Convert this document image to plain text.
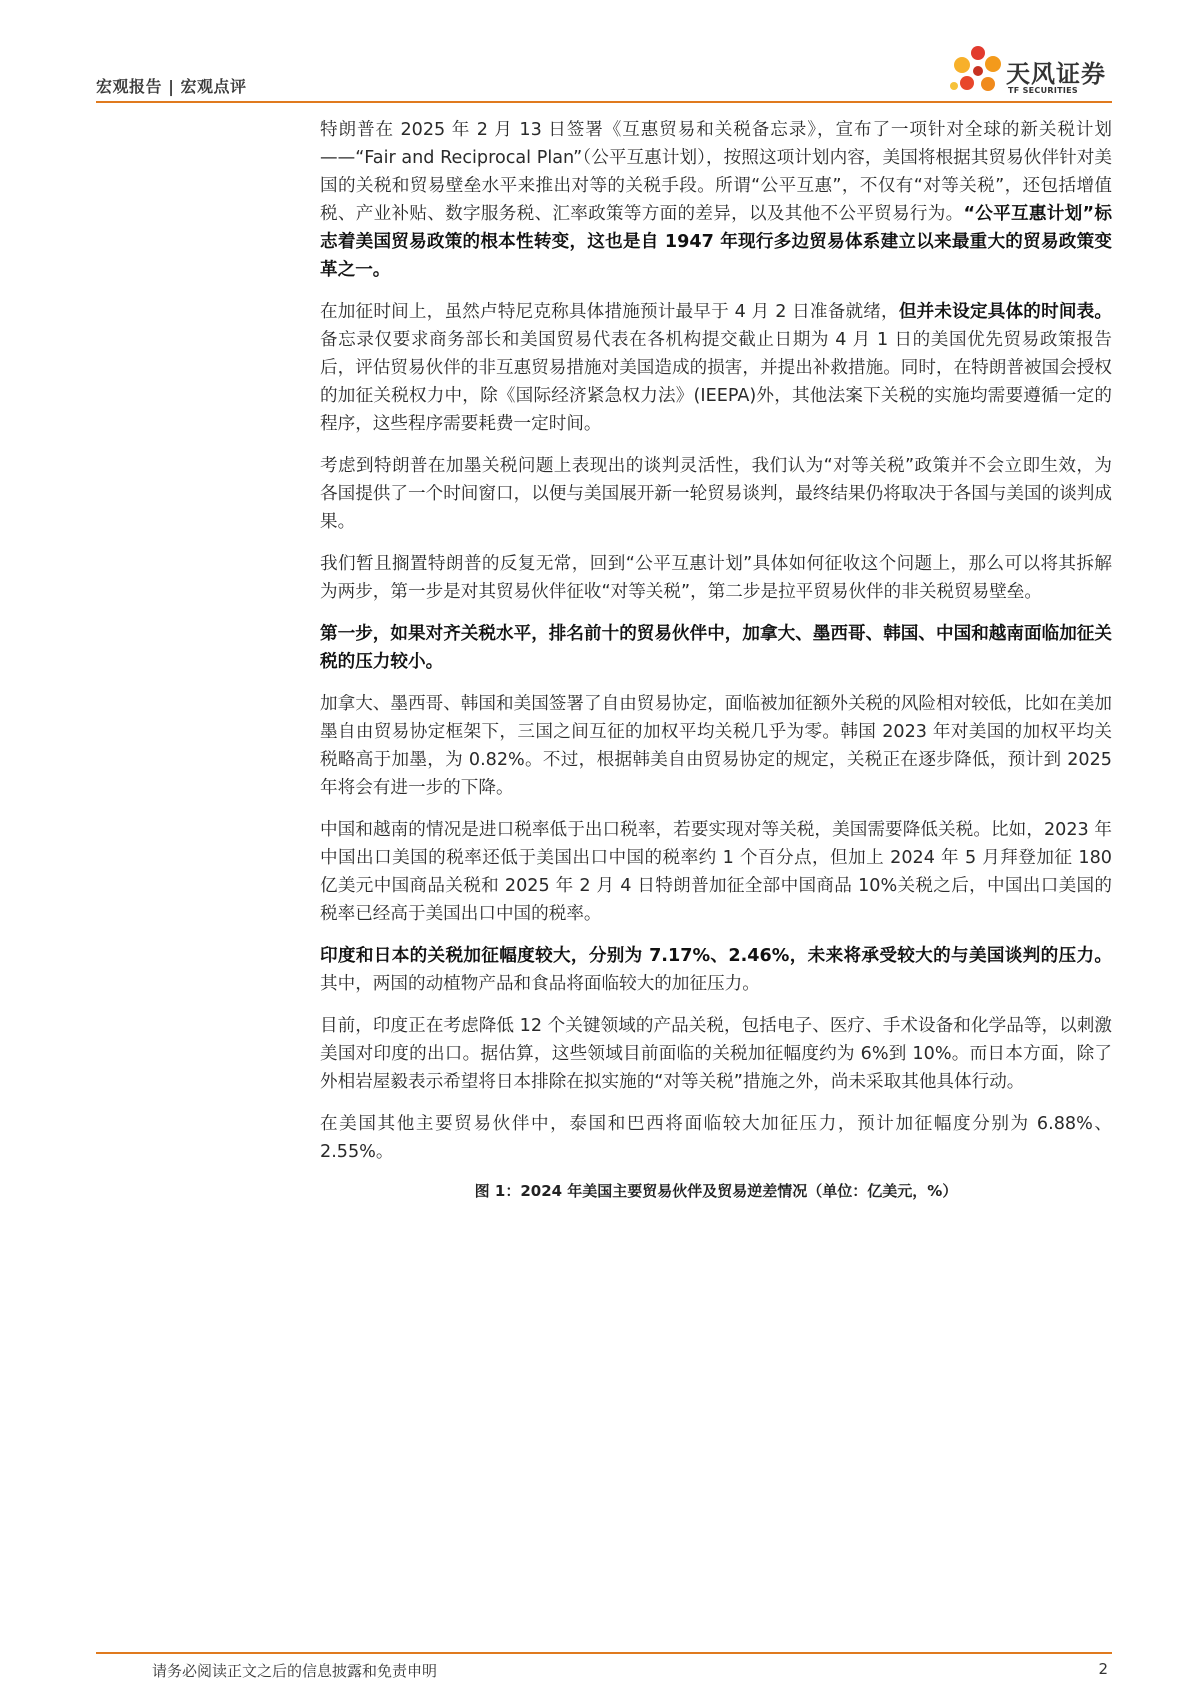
宏观报告 | 宏观点评	天风证券
TF SECURITIES

特朗普在 2025 年 2 月 13 日签署《互惠贸易和关税备忘录》，宣布了一项针对全球的新关税计划——“Fair and Reciprocal Plan”（公平互惠计划），按照这项计划内容，美国将根据其贸易伙伴针对美国的关税和贸易壁垒水平来推出对等的关税手段。所谓“公平互惠”，不仅有“对等关税”，还包括增值税、产业补贴、数字服务税、汇率政策等方面的差异，以及其他不公平贸易行为。“公平互惠计划”标志着美国贸易政策的根本性转变，这也是自 1947 年现行多边贸易体系建立以来最重大的贸易政策变革之一。

在加征时间上，虽然卢特尼克称具体措施预计最早于 4 月 2 日准备就绪，但并未设定具体的时间表。备忘录仅要求商务部长和美国贸易代表在各机构提交截止日期为 4 月 1 日的美国优先贸易政策报告后，评估贸易伙伴的非互惠贸易措施对美国造成的损害，并提出补救措施。同时，在特朗普被国会授权的加征关税权力中，除《国际经济紧急权力法》(IEEPA)外，其他法案下关税的实施均需要遵循一定的程序，这些程序需要耗费一定时间。

考虑到特朗普在加墨关税问题上表现出的谈判灵活性，我们认为“对等关税”政策并不会立即生效，为各国提供了一个时间窗口，以便与美国展开新一轮贸易谈判，最终结果仍将取决于各国与美国的谈判成果。

我们暂且搁置特朗普的反复无常，回到“公平互惠计划”具体如何征收这个问题上，那么可以将其拆解为两步，第一步是对其贸易伙伴征收“对等关税”，第二步是拉平贸易伙伴的非关税贸易壁垒。

第一步，如果对齐关税水平，排名前十的贸易伙伴中，加拿大、墨西哥、韩国、中国和越南面临加征关税的压力较小。

加拿大、墨西哥、韩国和美国签署了自由贸易协定，面临被加征额外关税的风险相对较低，比如在美加墨自由贸易协定框架下，三国之间互征的加权平均关税几乎为零。韩国 2023 年对美国的加权平均关税略高于加墨，为 0.82%。不过，根据韩美自由贸易协定的规定，关税正在逐步降低，预计到 2025 年将会有进一步的下降。

中国和越南的情况是进口税率低于出口税率，若要实现对等关税，美国需要降低关税。比如，2023 年中国出口美国的税率还低于美国出口中国的税率约 1 个百分点，但加上 2024 年 5 月拜登加征 180 亿美元中国商品关税和 2025 年 2 月 4 日特朗普加征全部中国商品 10%关税之后，中国出口美国的税率已经高于美国出口中国的税率。

印度和日本的关税加征幅度较大，分别为 7.17%、2.46%，未来将承受较大的与美国谈判的压力。其中，两国的动植物产品和食品将面临较大的加征压力。

目前，印度正在考虑降低 12 个关键领域的产品关税，包括电子、医疗、手术设备和化学品等，以刺激美国对印度的出口。据估算，这些领域目前面临的关税加征幅度约为 6%到 10%。而日本方面，除了外相岩屋毅表示希望将日本排除在拟实施的“对等关税”措施之外，尚未采取其他具体行动。

在美国其他主要贸易伙伴中，泰国和巴西将面临较大加征压力，预计加征幅度分别为 6.88%、2.55%。

图 1：2024 年美国主要贸易伙伴及贸易逆差情况（单位：亿美元，%）
请务必阅读正文之后的信息披露和免责申明	2
